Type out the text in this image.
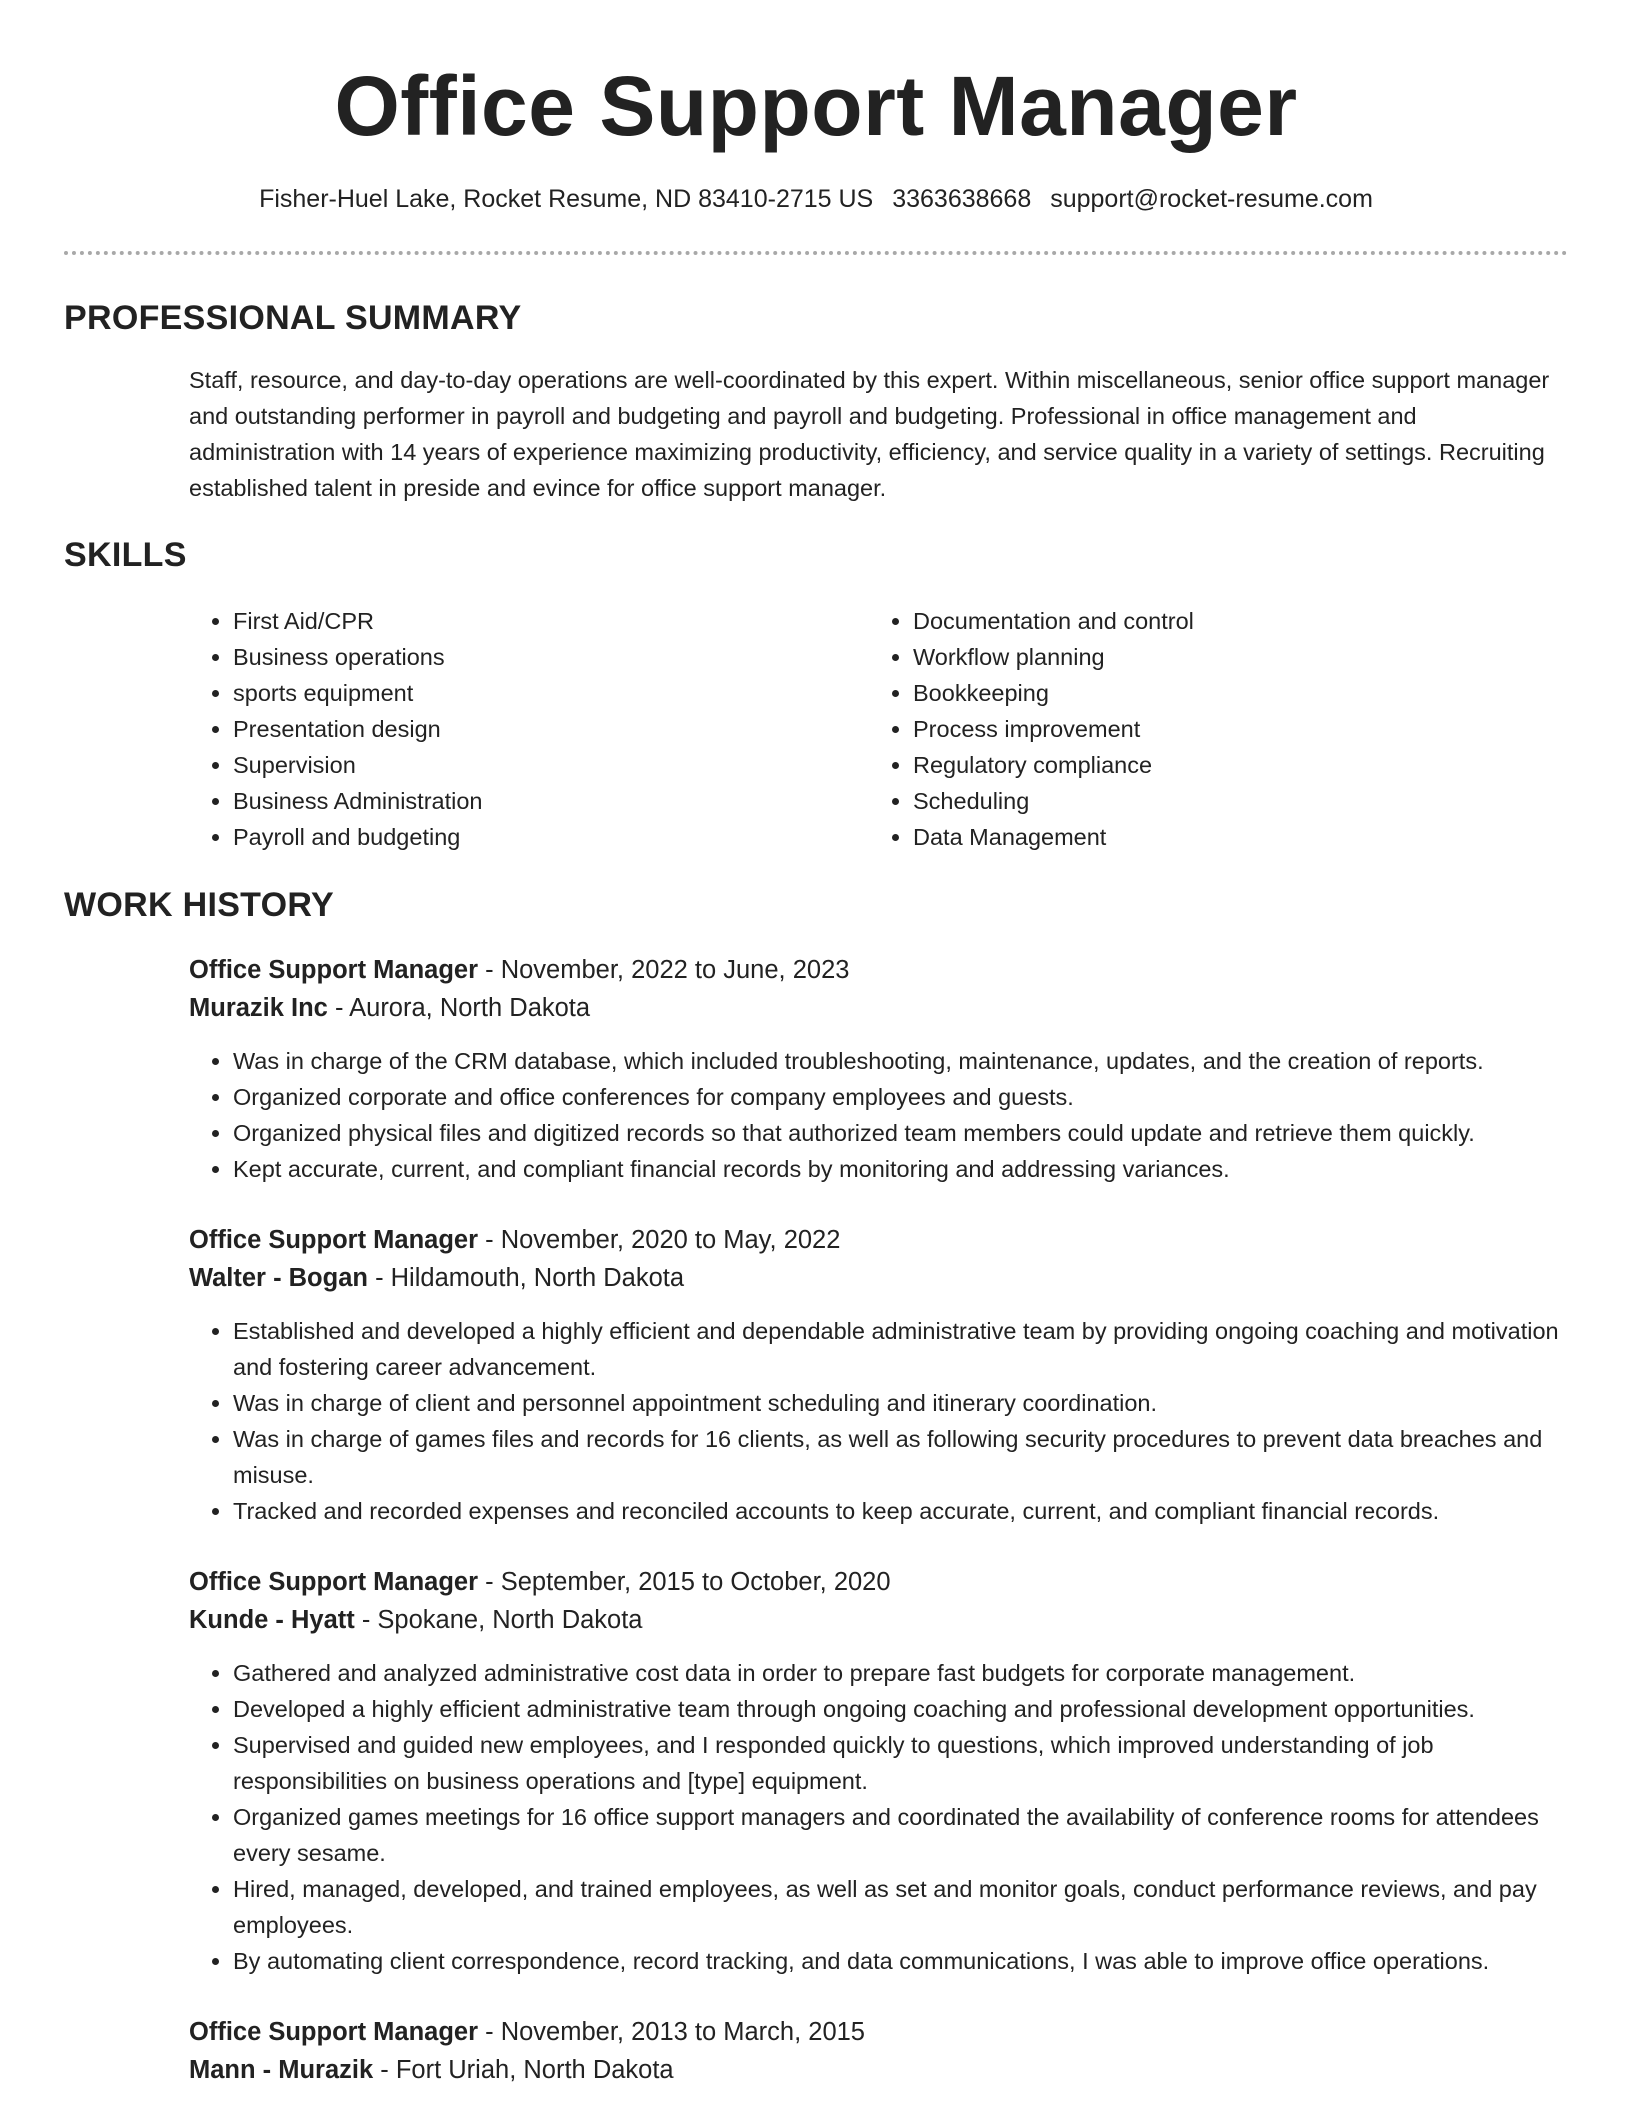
Office Support Manager
Fisher-Huel Lake, Rocket Resume, ND 83410-2715 US 3363638668 support@rocket-resume.com
PROFESSIONAL SUMMARY

Staff, resource, and day-to-day operations are well-coordinated by this expert. Within miscellaneous, senior office support manager and outstanding performer in payroll and budgeting and payroll and budgeting. Professional in office management and administration with 14 years of experience maximizing productivity, efficiency, and service quality in a variety of settings. Recruiting established talent in preside and evince for office support manager.

SKILLS
• First Aid/CPR
• Business operations
• sports equipment
• Presentation design
• Supervision
• Business Administration
• Payroll and budgeting
• Documentation and control
• Workflow planning
• Bookkeeping
• Process improvement
• Regulatory compliance
• Scheduling
• Data Management
WORK HISTORY
Office Support Manager - November, 2022 to June, 2023
Murazik Inc - Aurora, North Dakota
• Was in charge of the CRM database, which included troubleshooting, maintenance, updates, and the creation of reports.
• Organized corporate and office conferences for company employees and guests.
• Organized physical files and digitized records so that authorized team members could update and retrieve them quickly.
• Kept accurate, current, and compliant financial records by monitoring and addressing variances.
Office Support Manager - November, 2020 to May, 2022
Walter - Bogan - Hildamouth, North Dakota
• Established and developed a highly efficient and dependable administrative team by providing ongoing coaching and motivation and fostering career advancement.
• Was in charge of client and personnel appointment scheduling and itinerary coordination.
• Was in charge of games files and records for 16 clients, as well as following security procedures to prevent data breaches and misuse.
• Tracked and recorded expenses and reconciled accounts to keep accurate, current, and compliant financial records.
Office Support Manager - September, 2015 to October, 2020
Kunde - Hyatt - Spokane, North Dakota
• Gathered and analyzed administrative cost data in order to prepare fast budgets for corporate management.
• Developed a highly efficient administrative team through ongoing coaching and professional development opportunities.
• Supervised and guided new employees, and I responded quickly to questions, which improved understanding of job responsibilities on business operations and [type] equipment.
• Organized games meetings for 16 office support managers and coordinated the availability of conference rooms for attendees every sesame.
• Hired, managed, developed, and trained employees, as well as set and monitor goals, conduct performance reviews, and pay employees.
• By automating client correspondence, record tracking, and data communications, I was able to improve office operations.
Office Support Manager - November, 2013 to March, 2015
Mann - Murazik - Fort Uriah, North Dakota
